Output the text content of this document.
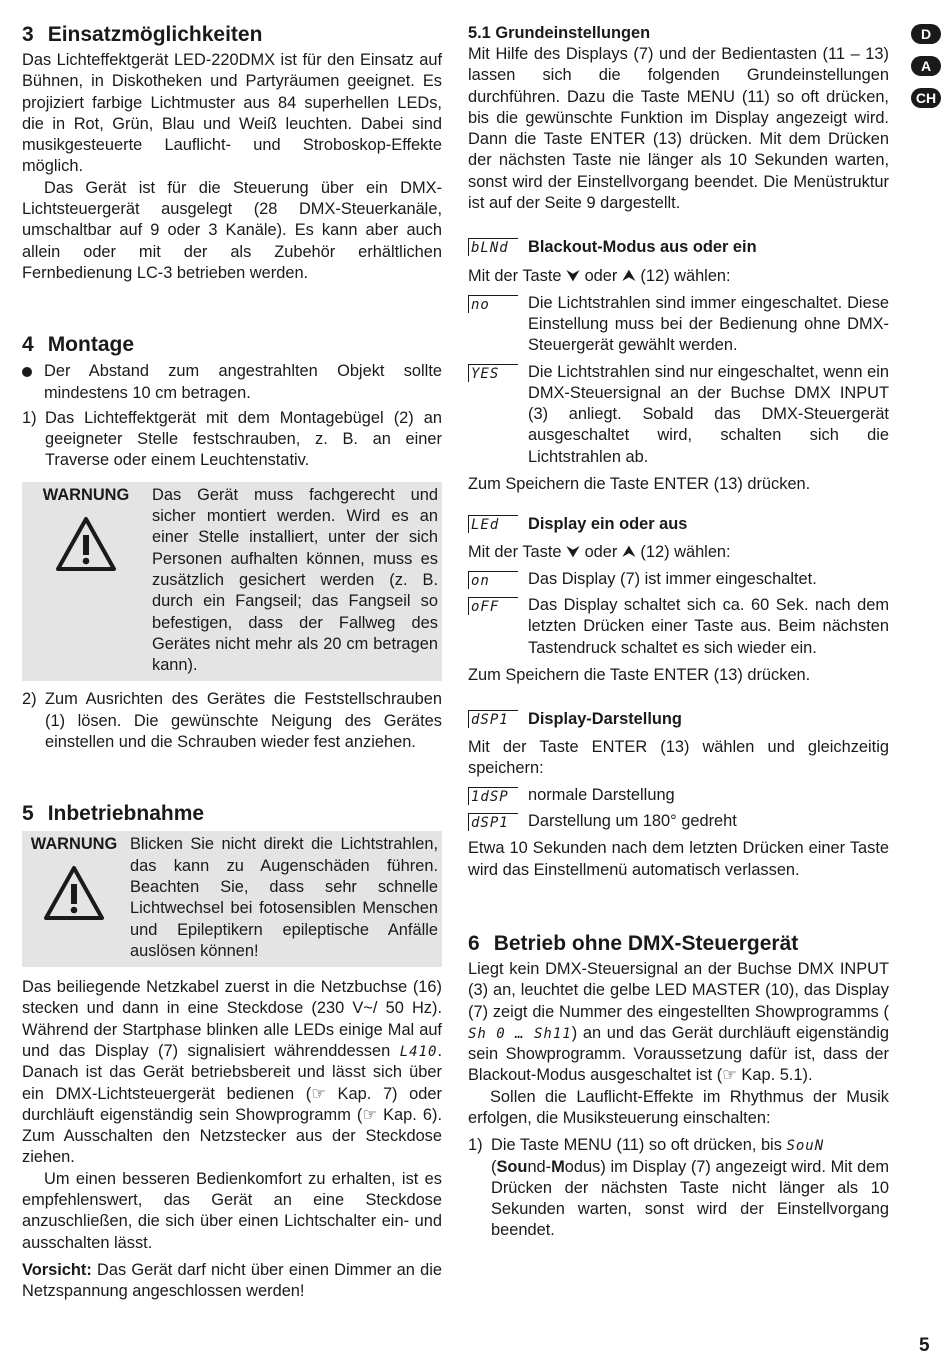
3 Einsatzmöglichkeiten

Das Lichteffektgerät LED-220DMX ist für den Einsatz auf Bühnen, in Diskotheken und Partyräumen geeignet. Es projiziert farbige Lichtmuster aus 84 superhellen LEDs, die in Rot, Grün, Blau und Weiß leuchten. Dabei sind musikgesteuerte Lauflicht- und Stroboskop-Effekte möglich.

Das Gerät ist für die Steuerung über ein DMX-Lichtsteuergerät ausgelegt (28 DMX-Steuerkanäle, umschaltbar auf 9 oder 3 Kanäle). Es kann aber auch allein oder mit der als Zubehör erhältlichen Fernbedienung LC-3 betrieben werden.

4 Montage

Der Abstand zum angestrahlten Objekt sollte mindestens 10 cm betragen.

1) Das Lichteffektgerät mit dem Montagebügel (2) an geeigneter Stelle festschrauben, z. B. an einer Traverse oder einem Leuchtenstativ.

WARNUNG	Das Gerät muss fachgerecht und sicher montiert werden. Wird es an einer Stelle installiert, unter der sich Personen aufhalten können, muss es zusätzlich gesichert werden (z. B. durch ein Fangseil; das Fangseil so befestigen, dass der Fallweg des Gerätes nicht mehr als 20 cm betragen kann).

2) Zum Ausrichten des Gerätes die Feststellschrauben (1) lösen. Die gewünschte Neigung des Gerätes einstellen und die Schrauben wieder fest anziehen.

5 Inbetriebnahme
WARNUNG Blicken Sie nicht direkt die Lichtstrahlen, das kann zu Augenschäden führen. Beachten Sie, dass sehr schnelle Lichtwechsel bei fotosensiblen Menschen und Epileptikern epileptische Anfälle auslösen können!

Das beiliegende Netzkabel zuerst in die Netzbuchse (16) stecken und dann in eine Steckdose (230 V~/ 50 Hz). Während der Startphase blinken alle LEDs einige Mal auf und das Display (7) signalisiert währenddessen L410. Danach ist das Gerät betriebsbereit und lässt sich über ein DMX-Lichtsteuergerät bedienen (☞ Kap. 7) oder durchläuft eigenständig sein Showprogramm (☞ Kap. 6). Zum Ausschalten den Netzstecker aus der Steckdose ziehen.

Um einen besseren Bedienkomfort zu erhalten, ist es empfehlenswert, das Gerät an eine Steckdose anzuschließen, die sich über einen Lichtschalter ein- und ausschalten lässt.

Vorsicht: Das Gerät darf nicht über einen Dimmer an die Netzspannung angeschlossen werden!

5.1 Grundeinstellungen

Mit Hilfe des Displays (7) und der Bedientasten (11 – 13) lassen sich die folgenden Grundeinstellungen durchführen. Dazu die Taste MENU (11) so oft drücken, bis die gewünschte Funktion im Display angezeigt wird. Dann die Taste ENTER (13) drücken. Mit dem Drücken der nächsten Taste nie länger als 10 Sekunden warten, sonst wird der Einstellvorgang beendet. Die Menüstruktur ist auf der Seite 9 dargestellt.

bLNd	Blackout-Modus aus oder ein

Mit der Taste ⮟ oder ⮝ (12) wählen:

no	Die Lichtstrahlen sind immer eingeschaltet. Diese Einstellung muss bei der Bedienung ohne DMX-Steuergerät gewählt werden.

YES	Die Lichtstrahlen sind nur eingeschaltet, wenn ein DMX-Steuersignal an der Buchse DMX INPUT (3) anliegt. Sobald das DMX-Steuergerät ausgeschaltet wird, schalten sich die Lichtstrahlen ab.

Zum Speichern die Taste ENTER (13) drücken.

LEd	Display ein oder aus

Mit der Taste ⮟ oder ⮝ (12) wählen:

on	Das Display (7) ist immer eingeschaltet.

oFF	Das Display schaltet sich ca. 60 Sek. nach dem letzten Drücken einer Taste aus. Beim nächsten Tastendruck schaltet es sich wieder ein.

Zum Speichern die Taste ENTER (13) drücken.

dSP1	Display-Darstellung

Mit der Taste ENTER (13) wählen und gleichzeitig speichern:

1dSP	normale Darstellung

dSP1	Darstellung um 180° gedreht

Etwa 10 Sekunden nach dem letzten Drücken einer Taste wird das Einstellmenü automatisch verlassen.

6 Betrieb ohne DMX-Steuergerät

Liegt kein DMX-Steuersignal an der Buchse DMX INPUT (3) an, leuchtet die gelbe LED MASTER (10), das Display (7) zeigt die Nummer des eingestellten Showprogramms (Sh 0 … Sh11) an und das Gerät durchläuft eigenständig sein Showprogramm. Voraussetzung dafür ist, dass der Blackout-Modus ausgeschaltet ist (☞ Kap. 5.1).

Sollen die Lauflicht-Effekte im Rhythmus der Musik erfolgen, die Musiksteuerung einschalten:

1) Die Taste MENU (11) so oft drücken, bis SouN
(Sound-Modus) im Display (7) angezeigt wird. Mit dem Drücken der nächsten Taste nicht länger als 10 Sekunden warten, sonst wird der Einstellvorgang beendet.

D
A
CH
5
